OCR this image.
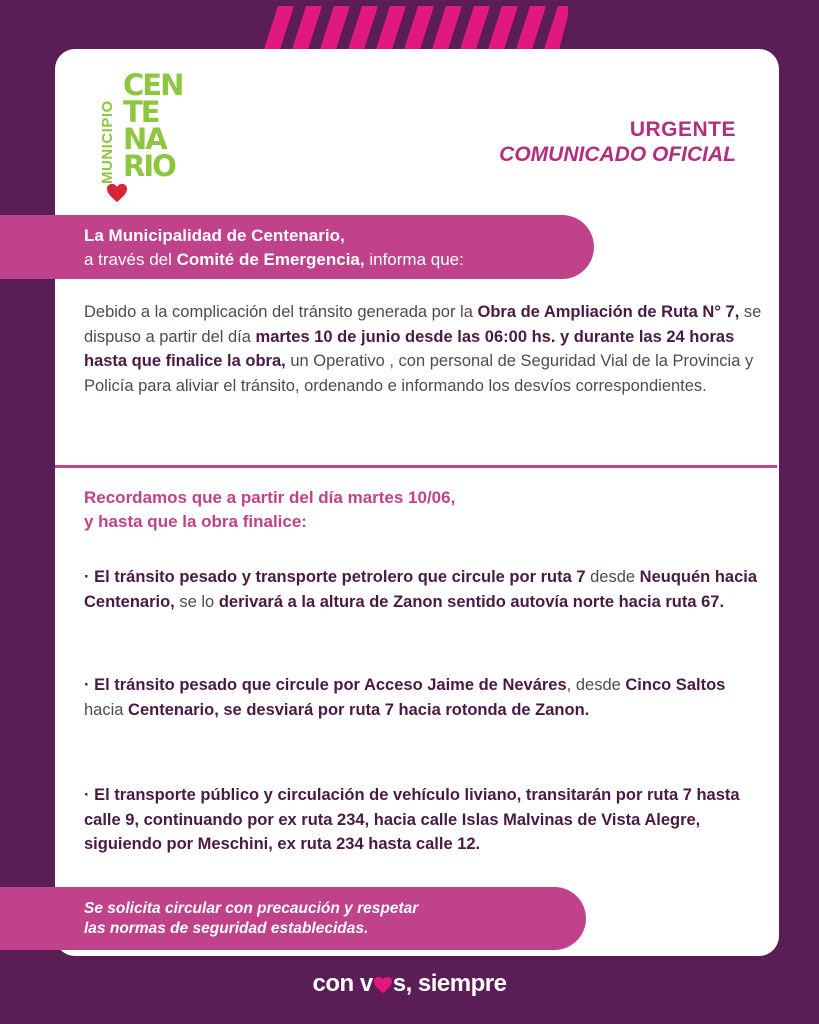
MUNICIPIO
CEN
TE
NA
RIO
URGENTE
COMUNICADO OFICIAL
La Municipalidad de Centenario,
a través del Comité de Emergencia, informa que:
Debido a la complicación del tránsito generada por la Obra de Ampliación de Ruta N° 7, se dispuso a partir del día martes 10 de junio desde las 06:00 hs. y durante las 24 horas hasta que finalice la obra, un Operativo , con personal de Seguridad Vial de la Provincia y Policía para aliviar el tránsito, ordenando e informando los desvíos correspondientes.
Recordamos que a partir del día martes 10/06,
y hasta que la obra finalice:
· El tránsito pesado y transporte petrolero que circule por ruta 7 desde Neuquén hacia Centenario, se lo derivará a la altura de Zanon sentido autovía norte hacia ruta 67.
· El tránsito pesado que circule por Acceso Jaime de Neváres, desde Cinco Saltos hacia Centenario, se desviará por ruta 7 hacia rotonda de Zanon.
· El transporte público y circulación de vehículo liviano, transitarán por ruta 7 hasta calle 9, continuando por ex ruta 234, hacia calle Islas Malvinas de Vista Alegre, siguiendo por Meschini, ex ruta 234 hasta calle 12.
Se solicita circular con precaución y respetar
las normas de seguridad establecidas.
con v s, siempre
